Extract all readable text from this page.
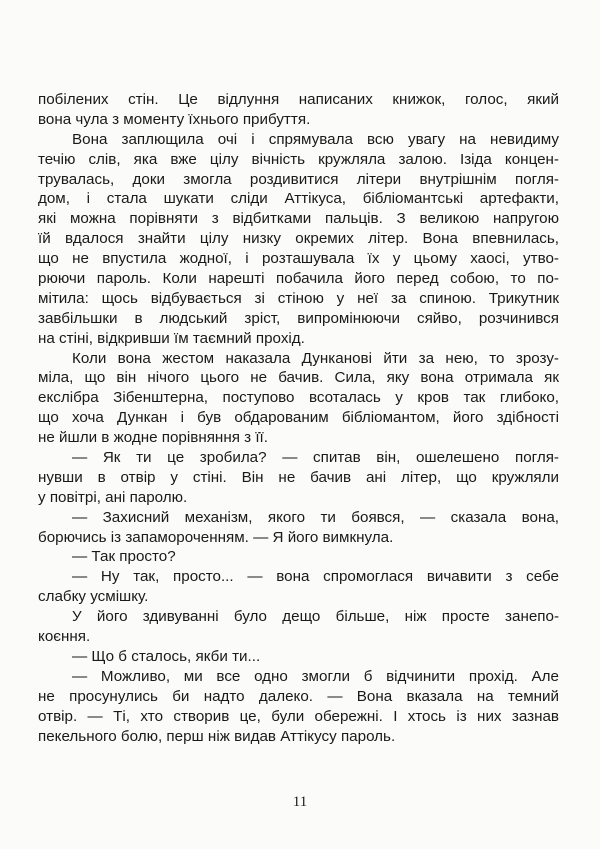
побілених стін. Це відлуння написаних книжок, голос, який
вона чула з моменту їхнього прибуття.
Вона заплющила очі і спрямувала всю увагу на невидиму
течію слів, яка вже цілу вічність кружляла залою. Ізіда концен-
трувалась, доки змогла роздивитися літери внутрішнім погля-
дом, і стала шукати сліди Аттікуса, бібліомантські артефакти,
які можна порівняти з відбитками пальців. З великою напругою
їй вдалося знайти цілу низку окремих літер. Вона впевнилась,
що не впустила жодної, і розташувала їх у цьому хаосі, утво-
рюючи пароль. Коли нарешті побачила його перед собою, то по-
мітила: щось відбувається зі стіною у неї за спиною. Трикутник
завбільшки в людський зріст, випромінюючи сяйво, розчинився
на стіні, відкривши їм таємний прохід.
Коли вона жестом наказала Дунканові йти за нею, то зрозу-
міла, що він нічого цього не бачив. Сила, яку вона отримала як
екслібра Зібенштерна, поступово всоталась у кров так глибоко,
що хоча Дункан і був обдарованим бібліомантом, його здібності
не йшли в жодне порівняння з її.
— Як ти це зробила? — спитав він, ошелешено погля-
нувши в отвір у стіні. Він не бачив ані літер, що кружляли
у повітрі, ані паролю.
— Захисний механізм, якого ти боявся, — сказала вона,
борючись із запамороченням. — Я його вимкнула.
— Так просто?
— Ну так, просто... — вона спромоглася вичавити з себе
слабку усмішку.
У його здивуванні було дещо більше, ніж просте занепо-
коєння.
— Що б сталось, якби ти...
— Можливо, ми все одно змогли б відчинити прохід. Але
не просунулись би надто далеко. — Вона вказала на темний
отвір. — Ті, хто створив це, були обережні. І хтось із них зазнав
пекельного болю, перш ніж видав Аттікусу пароль.
11
